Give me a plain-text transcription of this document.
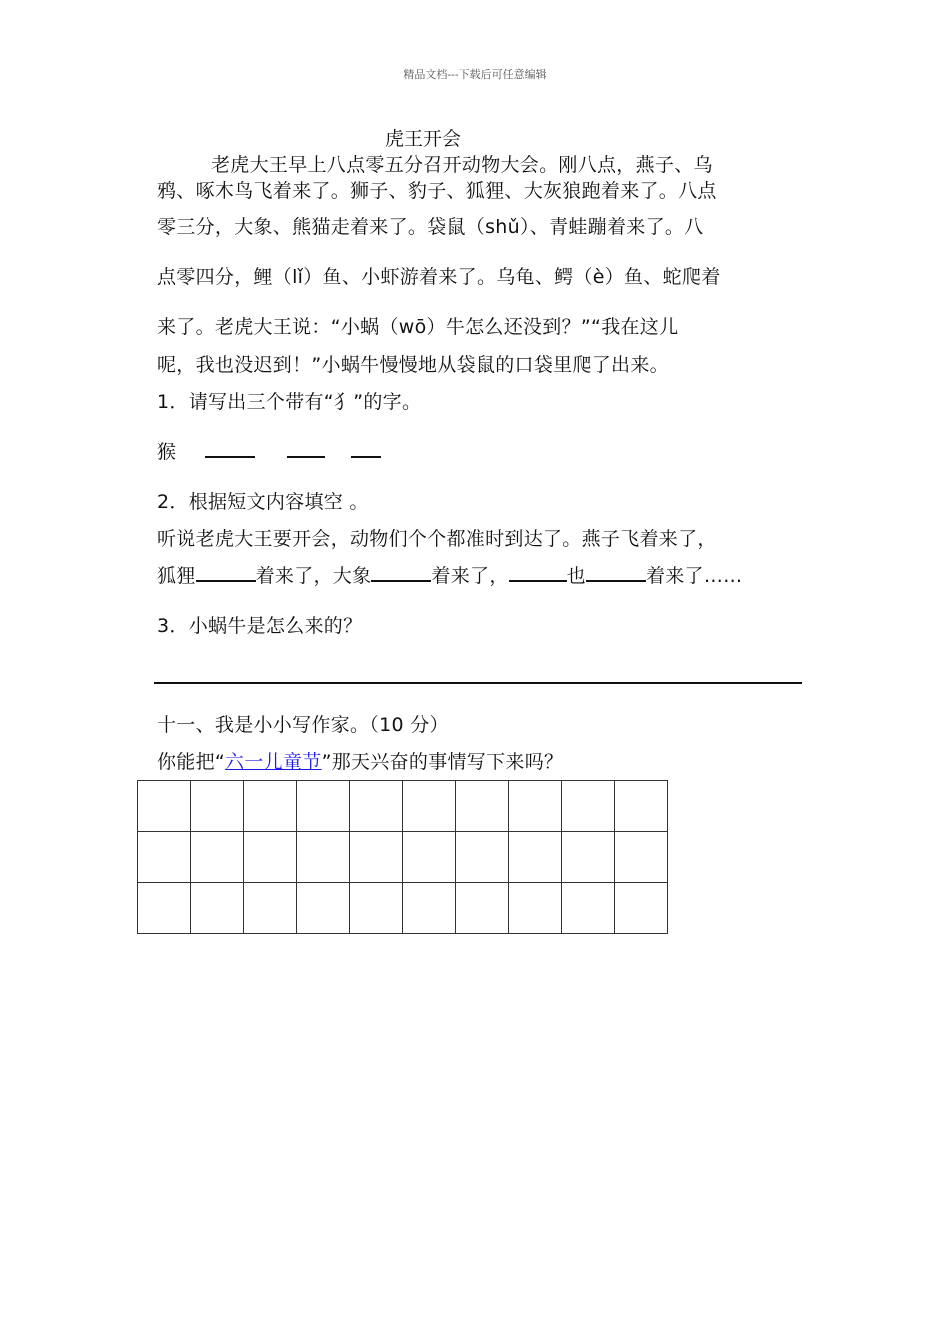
精品文档---下载后可任意编辑
虎王开会
老虎大王早上八点零五分召开动物大会。刚八点，燕子、乌
鸦、啄木鸟飞着来了。狮子、豹子、狐狸、大灰狼跑着来了。八点
零三分，大象、熊猫走着来了。袋鼠（shǔ）、青蛙蹦着来了。八
点零四分，鲤（lǐ）鱼、小虾游着来了。乌龟、鳄（è）鱼、蛇爬着
来了。老虎大王说：“小蜗（wō）牛怎么还没到？”“我在这儿
呢，我也没迟到！”小蜗牛慢慢地从袋鼠的口袋里爬了出来。
1．请写出三个带有“犭”的字。
猴
2．根据短文内容填空 。
听说老虎大王要开会，动物们个个都准时到达了。燕子飞着来了，
狐狸	着来了，大象	着来了，	也	着来了……
3．小蜗牛是怎么来的？
十一、我是小小写作家。（10 分）
你能把“六一儿童节”那天兴奋的事情写下来吗？
